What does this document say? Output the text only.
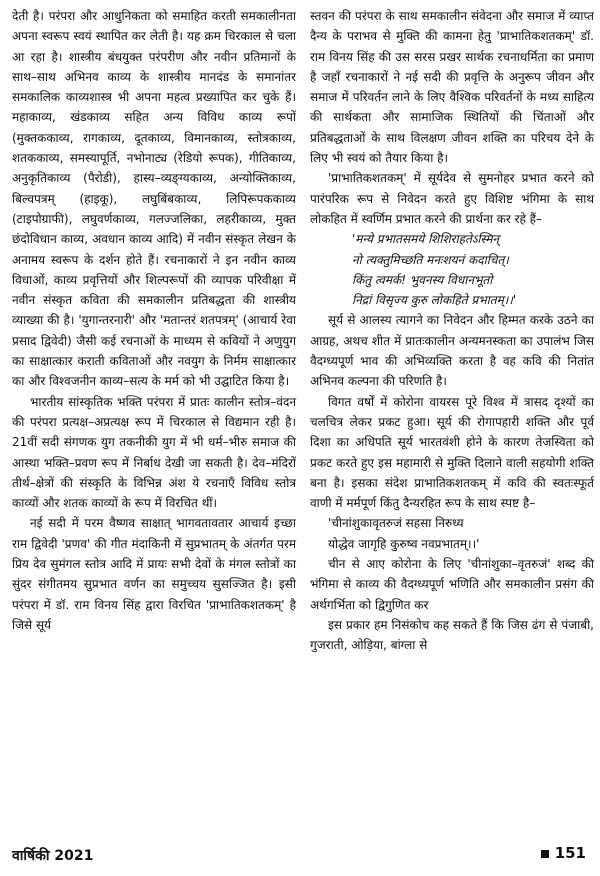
देती है। परंपरा और आधुनिकता को समाहित करती समकालीनता अपना स्वरूप स्वयं स्थापित कर लेती है। यह क्रम चिरकाल से चला आ रहा है। शास्त्रीय बंधयुक्त परंपरीण और नवीन प्रतिमानों के साथ–साथ अभिनव काव्य के शास्त्रीय मानदंड के समानांतर समकालिक काव्यशास्त्र भी अपना महत्व प्रख्यापित कर चुके हैं। महाकाव्य, खंडकाव्य सहित अन्य विविध काव्य रूपों (मुक्तककाव्य, रागकाव्य, दूतकाव्य, विमानकाव्य, स्तोत्रकाव्य, शतककाव्य, समस्यापूर्ति, नभोनाट्य (रेडियो रूपक), गीतिकाव्य, अनुकृतिकाव्य (पैरोडी), हास्य–व्यङ्ग्यकाव्य, अन्योक्तिकाव्य, बिल्वपत्रम् (हाइकू), लघुबिंबकाव्य, लिपिरूपककाव्य (टाइपोग्राफी), लघुवर्णकाव्य, गलज्जलिका, लहरीकाव्य, मुक्त छंदोविधान काव्य, अवधान काव्य आदि) में नवीन संस्कृत लेखन के अनामय स्वरूप के दर्शन होते हैं। रचनाकारों ने इन नवीन काव्य विधाओं, काव्य प्रवृत्तियों और शिल्परूपों की व्यापक परिवीक्षा में नवीन संस्कृत कविता की समकालीन प्रतिबद्धता की शास्त्रीय व्याख्या की है। 'युगान्तरनारी' और 'मतान्तरं शतपत्रम्' (आचार्य रेवा प्रसाद द्विवेदी) जैसी कई रचनाओं के माध्यम से कवियों ने अणुयुग का साक्षात्कार कराती कविताओं और नवयुग के निर्मम साक्षात्कार का और विश्वजनीन काव्य–सत्य के मर्म को भी उद्घाटित किया है।

भारतीय सांस्कृतिक भक्ति परंपरा में प्रातः कालीन स्तोत्र–वंदन की परंपरा प्रत्यक्ष–अप्रत्यक्ष रूप में चिरकाल से विद्यमान रही है। 21वीं सदी संगणक युग तकनीकी युग में भी धर्म–भीरु समाज की आस्था भक्ति–प्रवण रूप में निर्बाध देखी जा सकती है। देव–मंदिरों तीर्थ–क्षेत्रों की संस्कृति के विभिन्न अंश ये रचनाएँ विविध स्तोत्र काव्यों और शतक काव्यों के रूप में विरचित थीं।

नई सदी में परम वैष्णव साक्षात् भागवतावतार आचार्य इच्छा राम द्विवेदी 'प्रणव' की गीत मंदाकिनी में सुप्रभातम् के अंतर्गत परम प्रिय देव सुमंगल स्तोत्र आदि में प्रायः सभी देवों के मंगल स्तोत्रों का सुंदर संगीतमय सुप्रभात वर्णन का समुच्चय सुसज्जित है। इसी परंपरा में डॉ. राम विनय सिंह द्वारा विरचित 'प्राभातिकशतकम्' है जिसे सूर्य

स्तवन की परंपरा के साथ समकालीन संवेदना और समाज में व्याप्त दैन्य के पराभव से मुक्ति की कामना हेतु 'प्राभातिकशतकम्' डॉ. राम विनय सिंह की उस सरस प्रखर सार्थक रचनाधर्मिता का प्रमाण है जहाँ रचनाकारों ने नई सदी की प्रवृत्ति के अनुरूप जीवन और समाज में परिवर्तन लाने के लिए वैश्विक परिवर्तनों के मध्य साहित्य की सार्थकता और सामाजिक स्थितियों की चिंताओं और प्रतिबद्धताओं के साथ विलक्षण जीवन शक्ति का परिचय देने के लिए भी स्वयं को तैयार किया है।

'प्राभातिकशतकम्' में सूर्यदेव से सुमनोहर प्रभात करने को पारंपरिक रूप से निवेदन करते हुए विशिष्ट भंगिमा के साथ लोकहित में स्वर्णिम प्रभात करने की प्रार्थना कर रहे हैं–

'मन्ये प्रभातसमये शिशिराहतेऽस्मिन्

नो त्यक्तुमिच्छति मनःशयनं कदाचित्।

किंतु त्वमर्क! भुवनस्य विधानभूतो

निद्रां विसृज्य कुरु लोकहिते प्रभातम्।।'

सूर्य से आलस्य त्यागने का निवेदन और हिम्मत करके उठने का आग्रह, अथच शीत में प्रातःकालीन अन्यमनस्कता का उपालंभ जिस वैदग्ध्यपूर्ण भाव की अभिव्यक्ति करता है वह कवि की नितांत अभिनव कल्पना की परिणति है।

विगत वर्षों में कोरोना वायरस पूरे विश्व में त्रासद दृश्यों का चलचित्र लेकर प्रकट हुआ। सूर्य की रोगापहारी शक्ति और पूर्व दिशा का अधिपति सूर्य भारतवंशी होने के कारण तेजस्विता को प्रकट करते हुए इस महामारी से मुक्ति दिलाने वाली सहयोगी शक्ति बना है। इसका संदेश प्राभातिकशतकम् में कवि की स्वतःस्फूर्त वाणी में मर्मपूर्ण किंतु दैन्यरहित रूप के साथ स्पष्ट है–

'चीनांशुकावृतरुजं सहसा निरुध्य

योद्धेव जागृहि कुरुष्व नवप्रभातम्।।'

चीन से आए कोरोना के लिए 'चीनांशुका–वृतरुजं' शब्द की भंगिमा से काव्य की वैदग्ध्यपूर्ण भणिति और समकालीन प्रसंग की अर्थगर्भिता को द्विगुणित कर

इस प्रकार हम निसंकोच कह सकते हैं कि जिस ढंग से पंजाबी, गुजराती, ओड़िया, बांग्ला से

वार्षिकी 2021	151
